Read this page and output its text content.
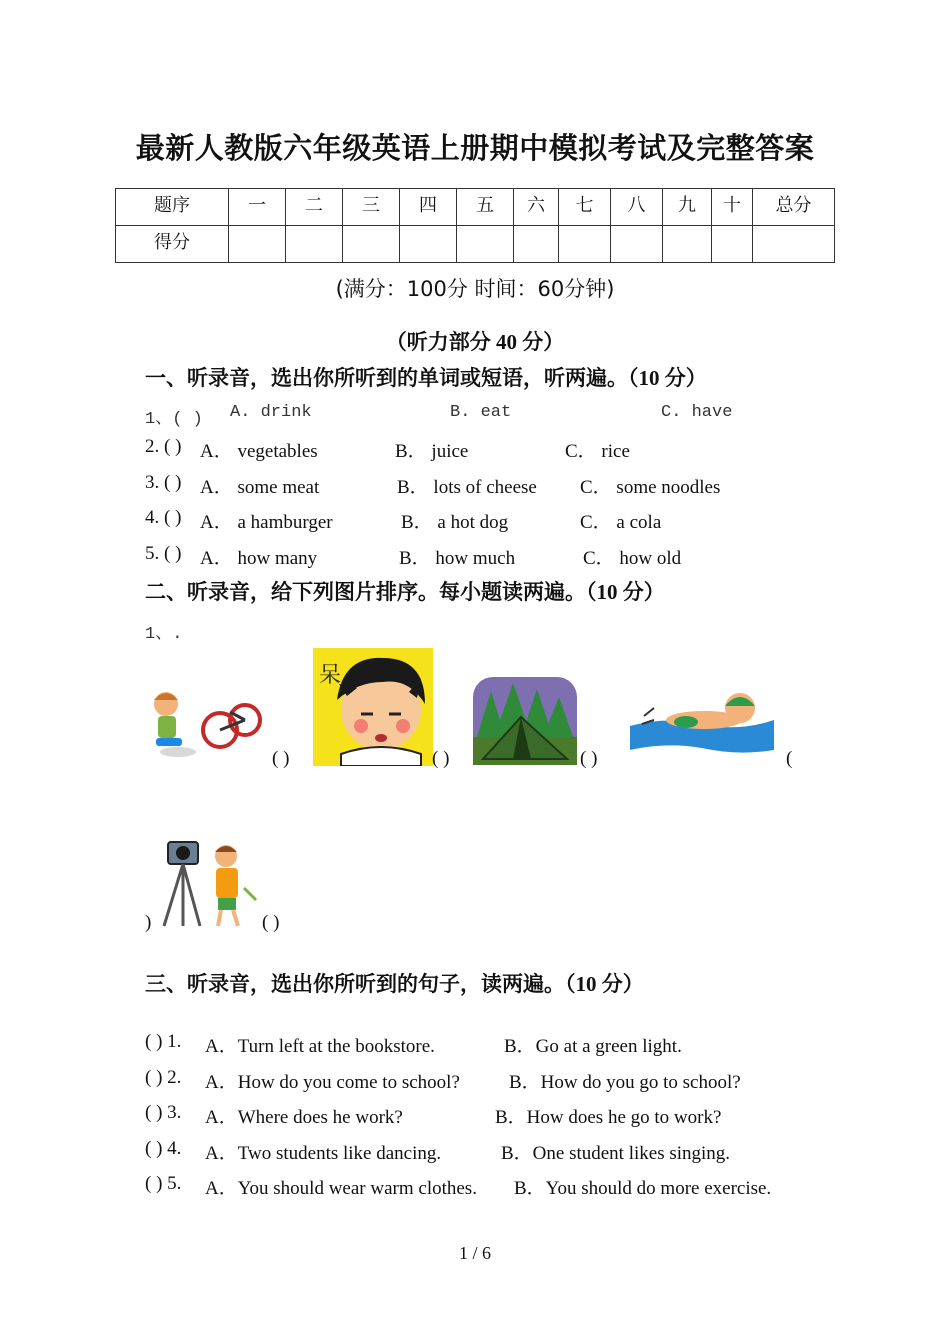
最新人教版六年级英语上册期中模拟考试及完整答案
题序	一	二	三	四	五	六	七	八	九	十	总分

得分											

(满分：100分 时间：60分钟)
（听力部分 40 分）
一、听录音，选出你所听到的单词或短语，听两遍。（10 分）
1、( ) A. drink	B. eat	C. have
2. ( ) A． vegetables	B． juice	C． rice
3. ( ) A． some meat	B． lots of cheese C． some noodles
4. ( ) A． a hamburger	B． a hot dog	C． a cola
5. ( ) A． how many	B． how much	C． how old
二、听录音，给下列图片排序。每小题读两遍。（10 分）
1、.
( )
呆
( )	( )	(
)	( )
三、听录音，选出你所听到的句子，读两遍。（10 分）
( ) 1. A．Turn left at the bookstore.	B．Go at a green light.
( ) 2. A．How do you come to school?	B．How do you go to school?
( ) 3. A．Where does he work?	B．How does he go to work?
( ) 4. A．Two students like dancing.	B．One student likes singing.
( ) 5. A．You should wear warm clothes. B．You should do more exercise.
1 / 6
